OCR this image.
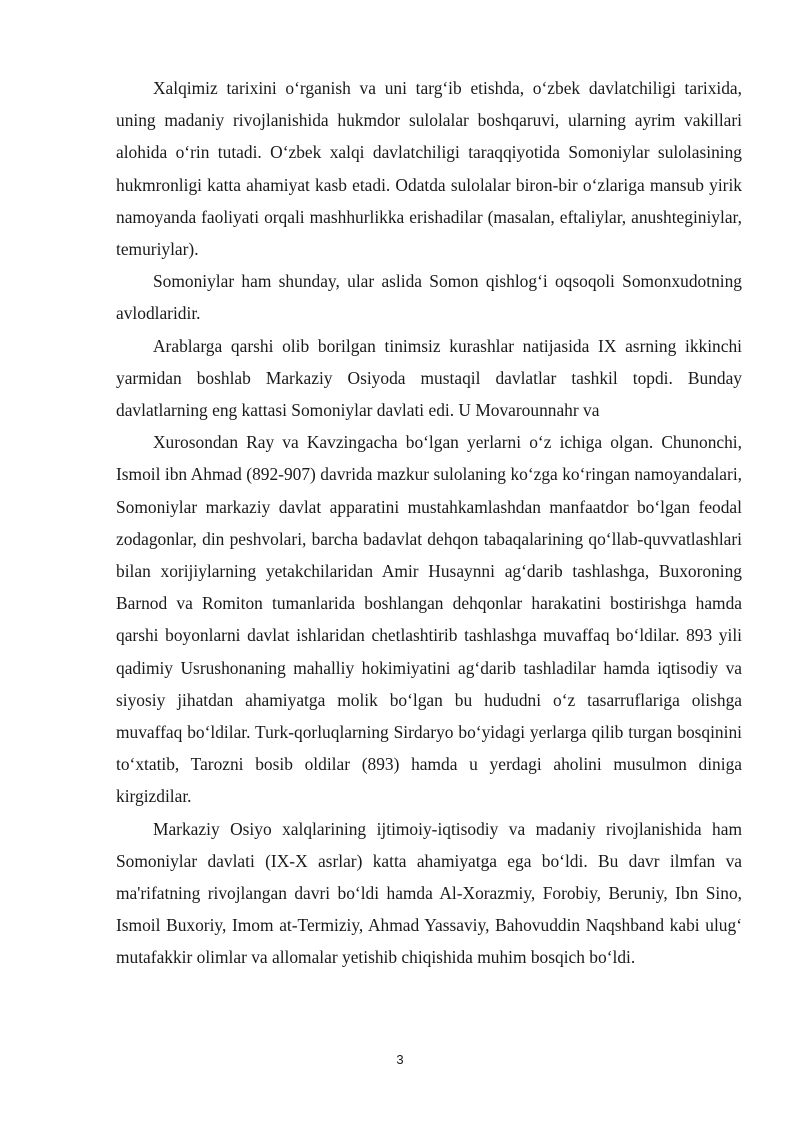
Xalqimiz tarixini o‘rganish va uni targ‘ib etishda, o‘zbek davlatchiligi tarixida, uning madaniy rivojlanishida hukmdor sulolalar boshqaruvi, ularning ayrim vakillari alohida o‘rin tutadi. O‘zbek xalqi davlatchiligi taraqqiyotida Somoniylar sulolasining hukmronligi katta ahamiyat kasb etadi. Odatda sulolalar biron-bir o‘zlariga mansub yirik namoyanda faoliyati orqali mashhurlikka erishadilar (masalan, eftaliylar, anushteginiylar, temuriylar).

Somoniylar ham shunday, ular aslida Somon qishlog‘i oqsoqoli Somonxudotning avlodlaridir.

Arablarga qarshi olib borilgan tinimsiz kurashlar natijasida IX asrning ikkinchi yarmidan boshlab Markaziy Osiyoda mustaqil davlatlar tashkil topdi. Bunday davlatlarning eng kattasi Somoniylar davlati edi. U Movarounnahr va

Xurosondan Ray va Kavzingacha bo‘lgan yerlarni o‘z ichiga olgan. Chunonchi, Ismoil ibn Ahmad (892-907) davrida mazkur sulolaning ko‘zga ko‘ringan namoyandalari, Somoniylar markaziy davlat apparatini mustahkamlashdan manfaatdor bo‘lgan feodal zodagonlar, din peshvolari, barcha badavlat dehqon tabaqalarining qo‘llab-quvvatlashlari bilan xorijiylarning yetakchilaridan Amir Husaynni ag‘darib tashlashga, Buxoroning Barnod va Romiton tumanlarida boshlangan dehqonlar harakatini bostirishga hamda qarshi boyonlarni davlat ishlaridan chetlashtirib tashlashga muvaffaq bo‘ldilar. 893 yili qadimiy Usrushonaning mahalliy hokimiyatini ag‘darib tashladilar hamda iqtisodiy va siyosiy jihatdan ahamiyatga molik bo‘lgan bu hududni o‘z tasarruflariga olishga muvaffaq bo‘ldilar. Turk-qorluqlarning Sirdaryo bo‘yidagi yerlarga qilib turgan bosqinini to‘xtatib, Tarozni bosib oldilar (893) hamda u yerdagi aholini musulmon diniga kirgizdilar.

Markaziy Osiyo xalqlarining ijtimoiy-iqtisodiy va madaniy rivojlanishida ham Somoniylar davlati (IX-X asrlar) katta ahamiyatga ega bo‘ldi. Bu davr ilmfan va ma'rifatning rivojlangan davri bo‘ldi hamda Al-Xorazmiy, Forobiy, Beruniy, Ibn Sino, Ismoil Buxoriy, Imom at-Termiziy, Ahmad Yassaviy, Bahovuddin Naqshband kabi ulug‘ mutafakkir olimlar va allomalar yetishib chiqishida muhim bosqich bo‘ldi.

3
